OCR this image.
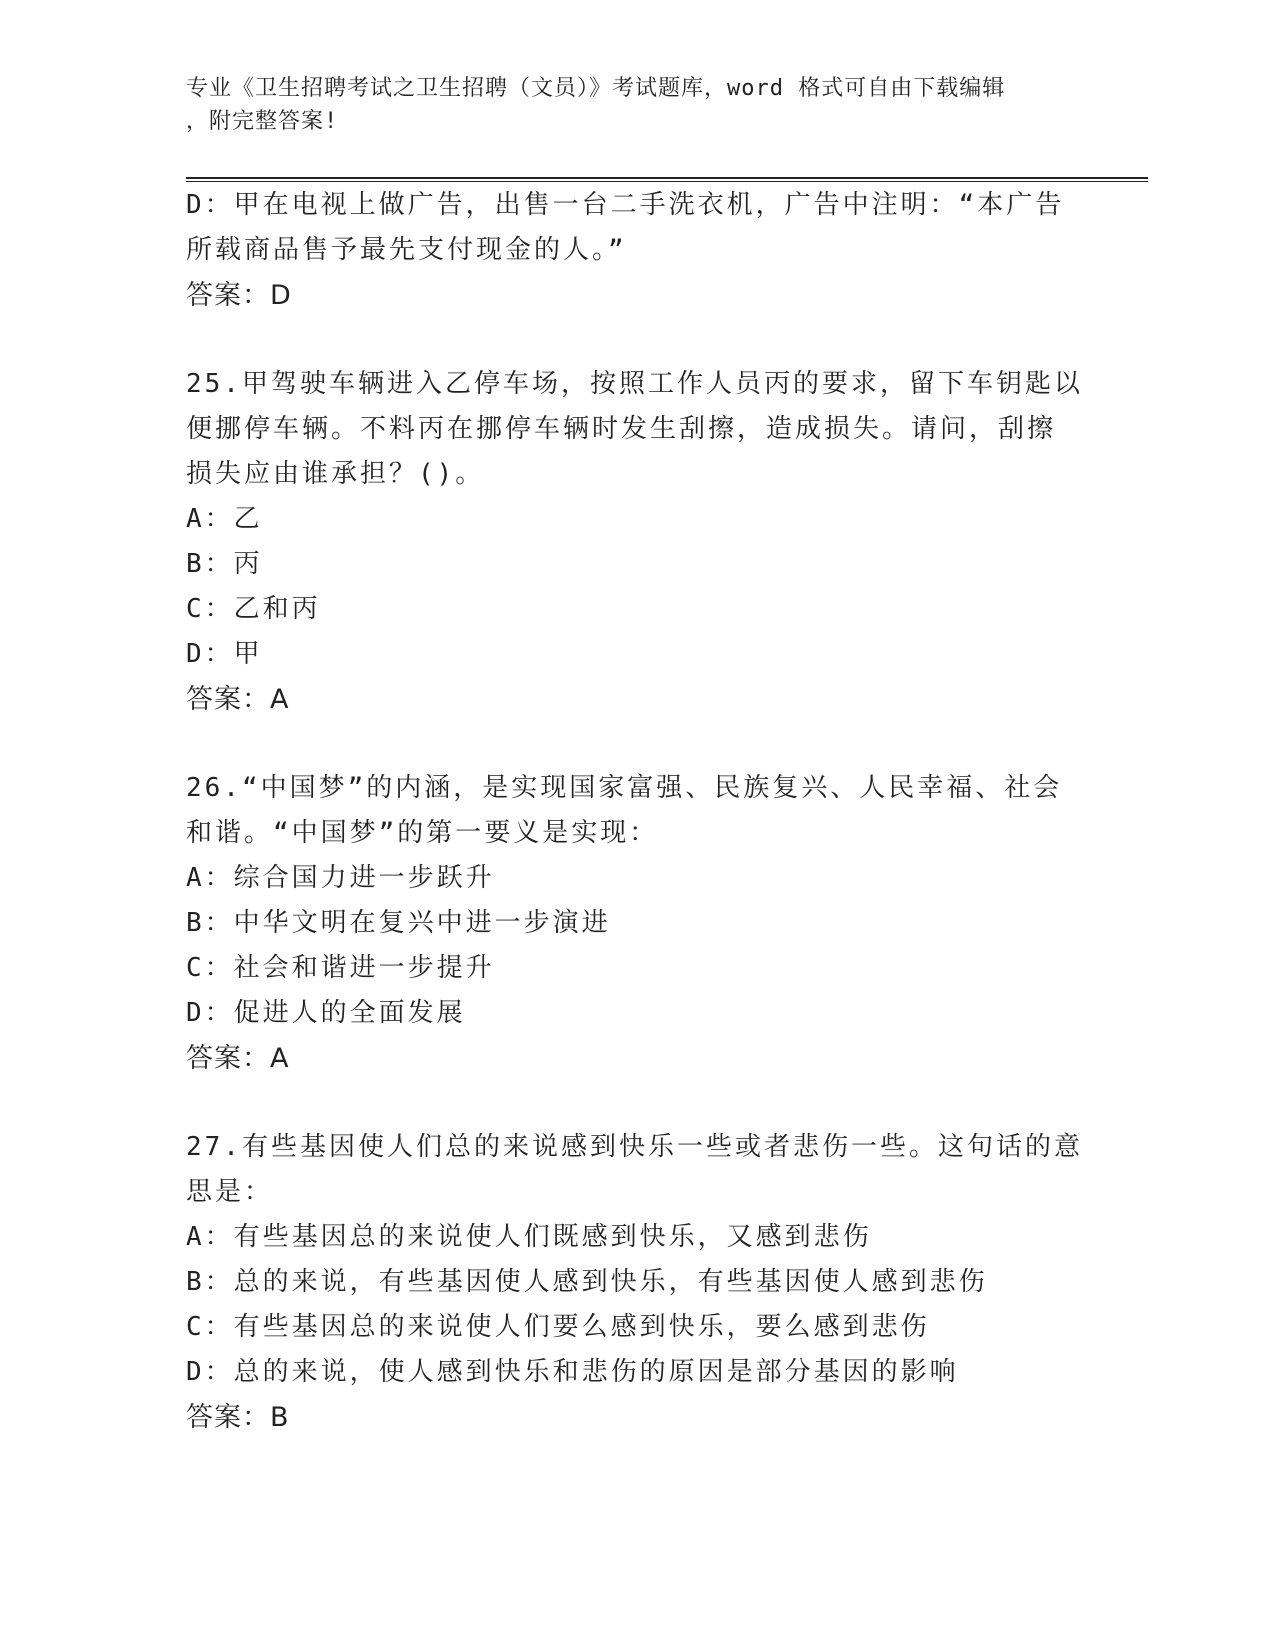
专业《卫生招聘考试之卫生招聘（文员）》考试题库，word 格式可自由下载编辑
，附完整答案!
D：甲在电视上做广告，出售一台二手洗衣机，广告中注明：“本广告
所载商品售予最先支付现金的人。”
答案：D
25.甲驾驶车辆进入乙停车场，按照工作人员丙的要求，留下车钥匙以
便挪停车辆。不料丙在挪停车辆时发生刮擦，造成损失。请问，刮擦
损失应由谁承担？()。
A：乙
B：丙
C：乙和丙
D：甲
答案：A
26.“中国梦”的内涵，是实现国家富强、民族复兴、人民幸福、社会
和谐。“中国梦”的第一要义是实现：
A：综合国力进一步跃升
B：中华文明在复兴中进一步演进
C：社会和谐进一步提升
D：促进人的全面发展
答案：A
27.有些基因使人们总的来说感到快乐一些或者悲伤一些。这句话的意
思是：
A：有些基因总的来说使人们既感到快乐，又感到悲伤
B：总的来说，有些基因使人感到快乐，有些基因使人感到悲伤
C：有些基因总的来说使人们要么感到快乐，要么感到悲伤
D：总的来说，使人感到快乐和悲伤的原因是部分基因的影响
答案：B
